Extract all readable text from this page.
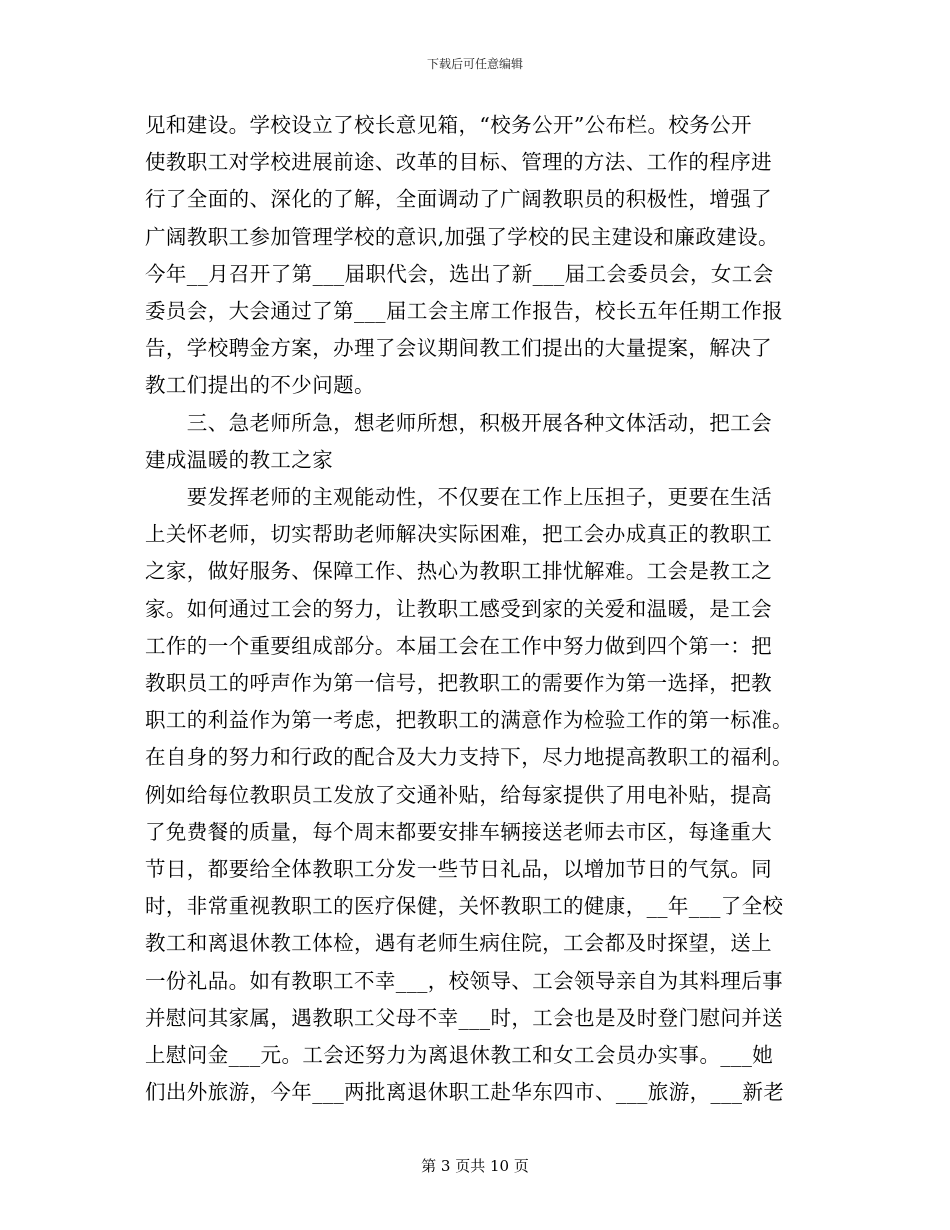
下载后可任意编辑

见和建设。学校设立了校长意见箱，“校务公开”公布栏。校务公开

使教职工对学校进展前途、改革的目标、管理的方法、工作的程序进

行了全面的、深化的了解，全面调动了广阔教职员的积极性，增强了

广阔教职工参加管理学校的意识,加强了学校的民主建设和廉政建设。

今年__月召开了第___届职代会，选出了新___届工会委员会，女工会

委员会，大会通过了第___届工会主席工作报告，校长五年任期工作报

告，学校聘金方案，办理了会议期间教工们提出的大量提案，解决了

教工们提出的不少问题。

　　三、急老师所急，想老师所想，积极开展各种文体活动，把工会

建成温暖的教工之家

　　要发挥老师的主观能动性，不仅要在工作上压担子，更要在生活

上关怀老师，切实帮助老师解决实际困难，把工会办成真正的教职工

之家，做好服务、保障工作、热心为教职工排忧解难。工会是教工之

家。如何通过工会的努力，让教职工感受到家的关爱和温暖，是工会

工作的一个重要组成部分。本届工会在工作中努力做到四个第一：把

教职员工的呼声作为第一信号，把教职工的需要作为第一选择，把教

职工的利益作为第一考虑，把教职工的满意作为检验工作的第一标准。

在自身的努力和行政的配合及大力支持下，尽力地提高教职工的福利。

例如给每位教职员工发放了交通补贴，给每家提供了用电补贴，提高

了免费餐的质量，每个周末都要安排车辆接送老师去市区，每逢重大

节日，都要给全体教职工分发一些节日礼品，以增加节日的气氛。同

时，非常重视教职工的医疗保健，关怀教职工的健康，__年___了全校

教工和离退休教工体检，遇有老师生病住院，工会都及时探望，送上

一份礼品。如有教职工不幸___，校领导、工会领导亲自为其料理后事

并慰问其家属，遇教职工父母不幸___时，工会也是及时登门慰问并送

上慰问金___元。工会还努力为离退休教工和女工会员办实事。___她

们出外旅游，今年___两批离退休职工赴华东四市、___旅游，___新老

第 3 页共 10 页
